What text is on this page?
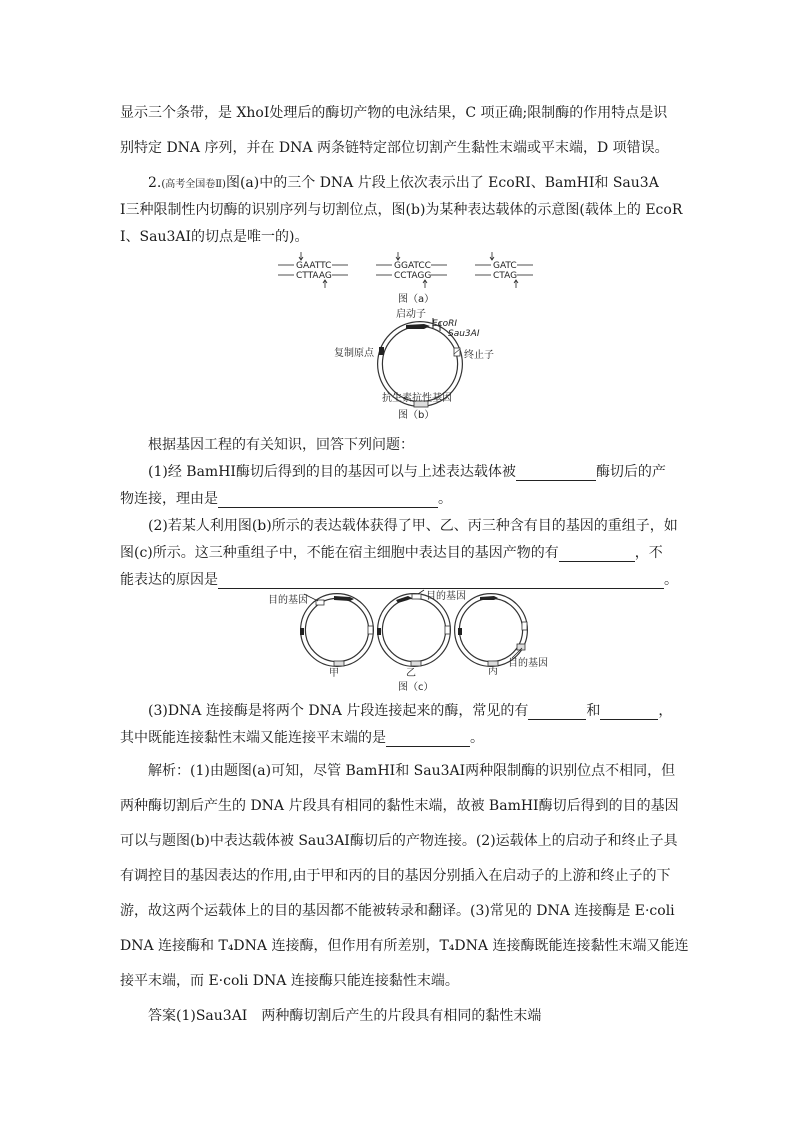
显示三个条带，是 XhoⅠ处理后的酶切产物的电泳结果，C 项正确;限制酶的作用特点是识
别特定 DNA 序列，并在 DNA 两条链特定部位切割产生黏性末端或平末端，D 项错误。
2.(高考全国卷Ⅱ)图(a)中的三个 DNA 片段上依次表示出了 EcoRⅠ、BamHⅠ和 Sau3A
Ⅰ三种限制性内切酶的识别序列与切割位点，图(b)为某种表达载体的示意图(载体上的 EcoR
Ⅰ、Sau3AⅠ的切点是唯一的)。
GAATTC
CTTAAG
GGATCC
CCTAGG
GATC
CTAG
图（a）
启动子
EcoRⅠ
Sau3AⅠ
终止子
复制原点
抗生素抗性基因
图（b）
根据基因工程的有关知识，回答下列问题：
(1)经 BamHⅠ酶切后得到的目的基因可以与上述表达载体被	酶切后的产
物连接，理由是	。
(2)若某人利用图(b)所示的表达载体获得了甲、乙、丙三种含有目的基因的重组子，如
图(c)所示。这三种重组子中，不能在宿主细胞中表达目的基因产物的有	，不
能表达的原因是	。
目的基因	目的基因
目的基因
甲	乙	丙
图（c）
(3)DNA 连接酶是将两个 DNA 片段连接起来的酶，常见的有	和	，
其中既能连接黏性末端又能连接平末端的是	。
解析：(1)由题图(a)可知，尽管 BamHⅠ和 Sau3AⅠ两种限制酶的识别位点不相同，但
两种酶切割后产生的 DNA 片段具有相同的黏性末端，故被 BamHⅠ酶切后得到的目的基因
可以与题图(b)中表达载体被 Sau3AⅠ酶切后的产物连接。(2)运载体上的启动子和终止子具
有调控目的基因表达的作用,由于甲和丙的目的基因分别插入在启动子的上游和终止子的下
游，故这两个运载体上的目的基因都不能被转录和翻译。(3)常见的 DNA 连接酶是 E·coli
DNA 连接酶和 T₄DNA 连接酶，但作用有所差别，T₄DNA 连接酶既能连接黏性末端又能连
接平末端，而 E·coli DNA 连接酶只能连接黏性末端。
答案(1)Sau3AⅠ　两种酶切割后产生的片段具有相同的黏性末端
